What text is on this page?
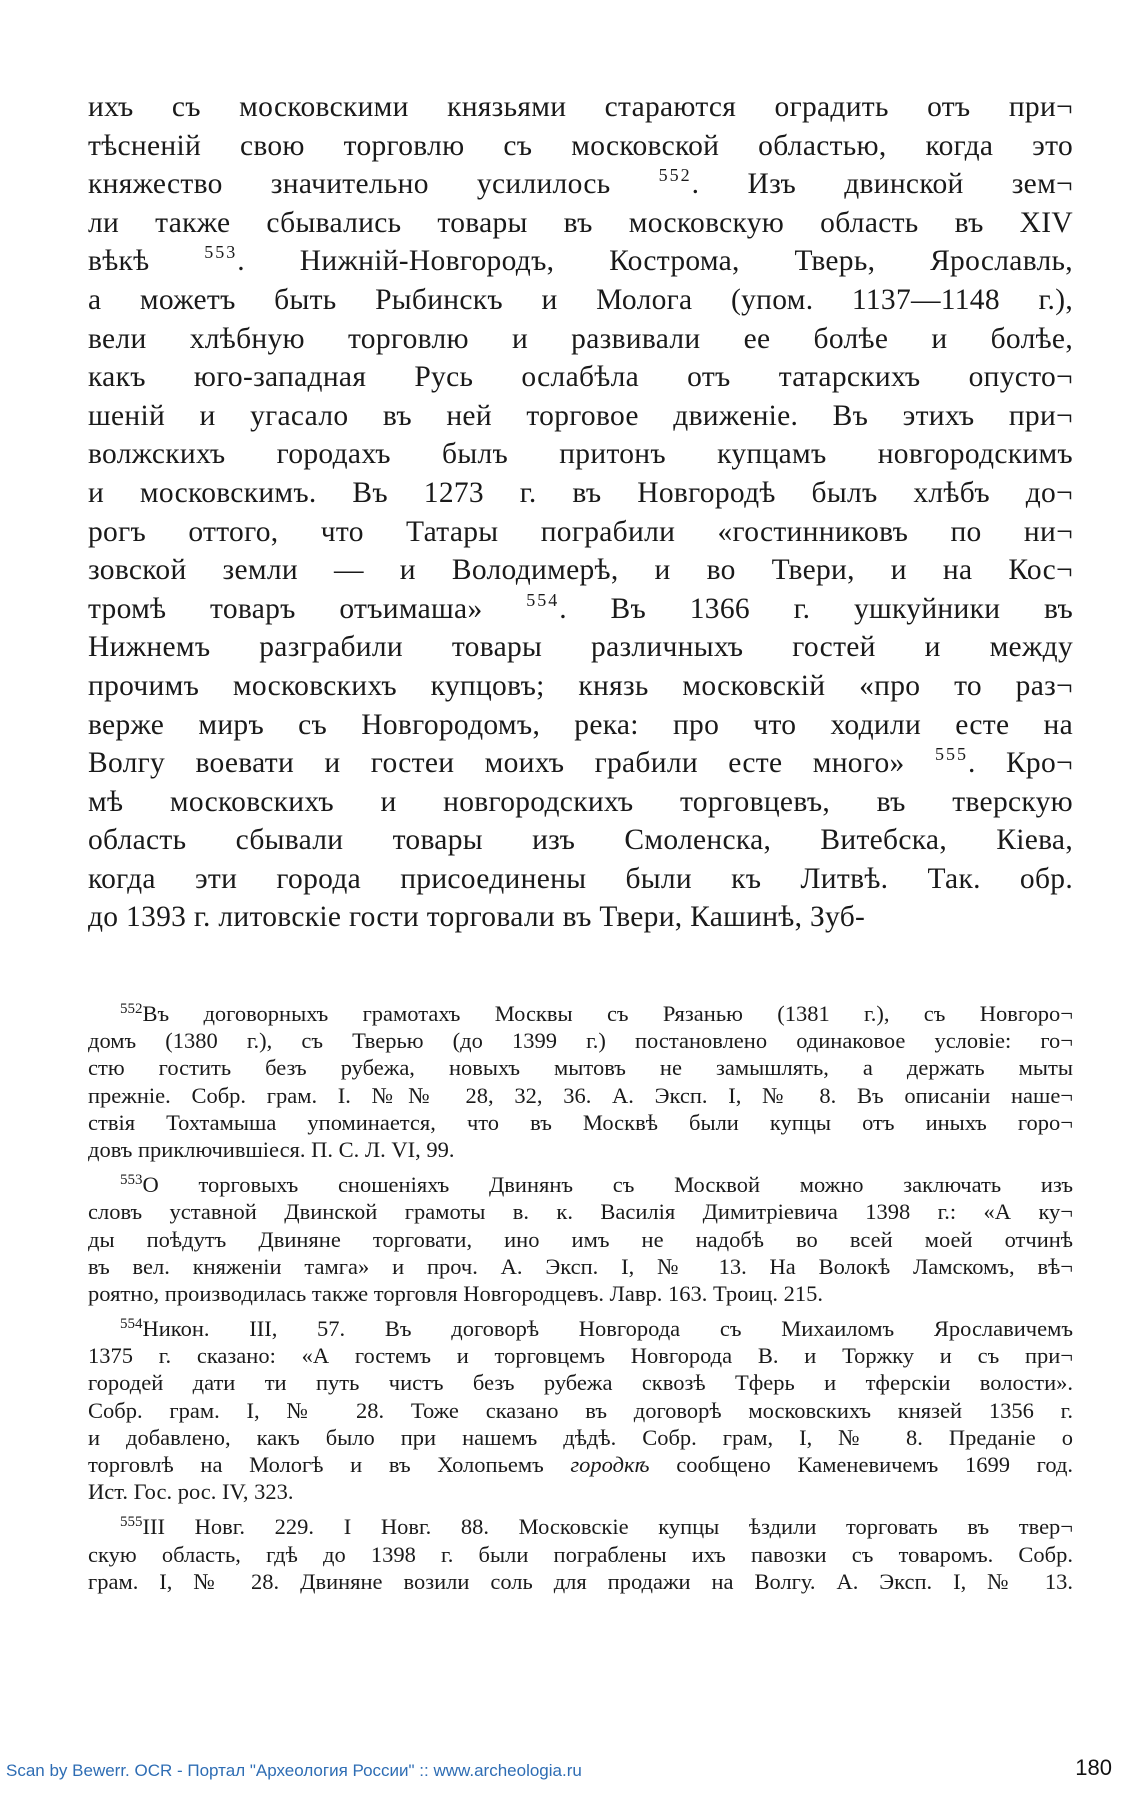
ихъ съ московскими князьями стараются оградить отъ при¬
тѣсненій свою торговлю съ московской областью, когда это
княжество значительно усилилось	$^{552}$. Изъ двинской зем¬
ли также сбывались товары въ московскую область въ XIV
вѣкѣ	$^{553}$. Нижній-Новгородъ, Кострома, Тверь, Ярославль,
а можетъ быть Рыбинскъ и Молога (упом. 1137—1148 г.),
вели хлѣбную торговлю и развивали ее болѣе и болѣе,
какъ юго-западная Русь ослабѣла отъ татарскихъ опусто¬
шеній и угасало въ ней торговое движеніе. Въ этихъ при¬
волжскихъ городахъ былъ притонъ купцамъ новгородскимъ
и московскимъ. Въ 1273 г. въ Новгородѣ былъ хлѣбъ до¬
рогъ оттого, что Татары пограбили «гостинниковъ по ни¬
зовской земли — и Володимерѣ, и во Твери, и на Кос¬
тромѣ товаръ отъимаша» $^{554}$. Въ 1366 г. ушкуйники въ
Нижнемъ разграбили товары различныхъ гостей и между
прочимъ московскихъ купцовъ; князь московскій «про то раз¬
верже миръ съ Новгородомъ, река: про что ходили есте на
Волгу воевати и гостеи моихъ грабили есте много» $^{555}$. Кро¬
мѣ московскихъ и новгородскихъ торговцевъ, въ тверскую
область сбывали товары изъ Смоленска, Витебска, Кіева,
когда эти города присоединены были къ Литвѣ. Так. обр.
до 1393 г. литовскіе гости торговали въ Твери, Кашинѣ, Зуб-
$^{552}$Въ договорныхъ грамотахъ Москвы съ Рязанью (1381 г.), съ Новгоро¬
домъ (1380 г.), съ Тверью (до 1399 г.) постановлено одинаковое условіе: го¬
стю гостить безъ рубежа, новыхъ мытовъ не замышлять, а держать мыты
прежніе. Собр. грам. I. №№ 28, 32, 36. А. Эксп. I, № 8. Въ описаніи наше¬
ствія Тохтамыша упоминается, что въ Москвѣ были купцы отъ иныхъ горо¬
довъ приключившіеся. П. С. Л. VI, 99.
$^{553}$О торговыхъ сношеніяхъ Двинянъ съ Москвой можно заключать изъ
словъ уставной Двинской грамоты в. к. Василія Димитріевича 1398 г.: «А ку¬
ды поѣдутъ Двиняне торговати, ино имъ не надобѣ во всей моей отчинѣ
въ вел. княженіи тамга» и проч. А. Эксп. I, № 13. На Волокѣ Ламскомъ, вѣ¬
роятно, производилась также торговля Новгородцевъ. Лавр. 163. Троиц. 215.
$^{554}$Никон. III, 57. Въ договорѣ Новгорода съ Михаиломъ Ярославичемъ
1375 г. сказано: «А гостемъ и торговцемъ Новгорода В. и Торжку и съ при¬
городей дати ти путь чистъ безъ рубежа сквозѣ Тферь и тферскіи волости».
Собр. грам. I, № 28. Тоже сказано въ договорѣ московскихъ князей 1356 г.
и добавлено, какъ было при нашемъ дѣдѣ. Собр. грам, I, № 8. Преданіе о
торговлѣ на Мологѣ и въ Холопьемъ городкѣ сообщено Каменевичемъ 1699 год.
Ист. Гос. рос. IV, 323.
$^{555}$III Новг. 229. I Новг. 88. Московскіе купцы ѣздили торговать въ твер¬
скую область, гдѣ до 1398 г. были пограблены ихъ павозки съ товаромъ. Собр.
грам. I, № 28. Двиняне возили соль для продажи на Волгу. А. Эксп. I, № 13.
Scan by Bewerr. OCR - Портал "Археология России" :: www.archeologia.ru	180
